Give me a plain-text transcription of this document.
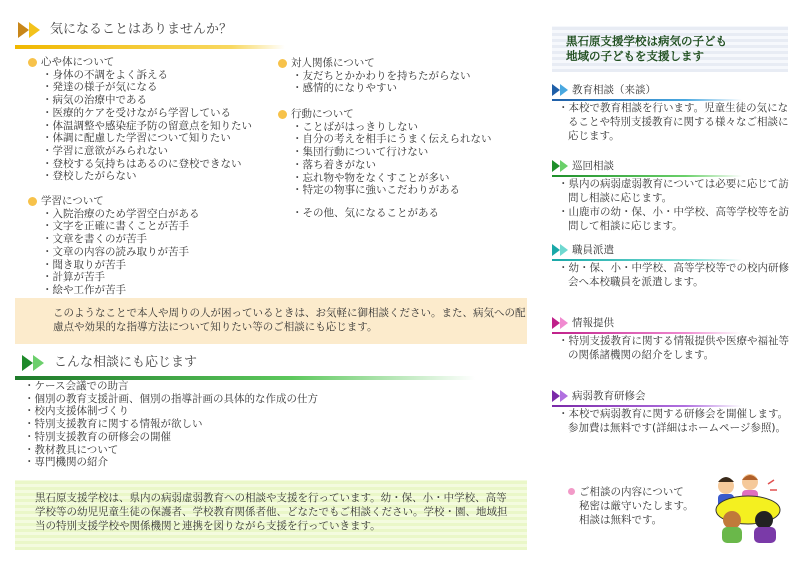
気になることはありませんか？
心や体について
・ 身体の不調をよく訴える
・ 発達の様子が気になる
・ 病気の治療中である
・ 医療的ケアを受けながら学習している
・ 体温調整や感染症予防の留意点を知りたい
・ 体調に配慮した学習について知りたい
・ 学習に意欲がみられない
・ 登校する気持ちはあるのに登校できない
・ 登校したがらない
学習について
・ 入院治療のため学習空白がある
・ 文字を正確に書くことが苦手
・ 文章を書くのが苦手
・ 文章の内容の読み取りが苦手
・ 聞き取りが苦手
・ 計算が苦手
・ 絵や工作が苦手
対人関係について
・ 友だちとかかわりを持ちたがらない
・ 感情的になりやすい
行動について
・ ことばがはっきりしない
・ 自分の考えを相手にうまく伝えられない
・ 集団行動について行けない
・ 落ち着きがない
・ 忘れ物や物をなくすことが多い
・ 特定の物事に強いこだわりがある
・その他、気になることがある
このようなことで本人や周りの人が困っているときは、お気軽に御相談ください。また、病気への配慮点や効果的な指導方法について知りたい等のご相談にも応じます。
こんな相談にも応じます
・ ケース会議での助言
・ 個別の教育支援計画、個別の指導計画の具体的な作成の仕方
・ 校内支援体制づくり
・ 特別支援教育に関する情報が欲しい
・ 特別支援教育の研修会の開催
・ 教材教具について
・ 専門機関の紹介
黒石原支援学校は、県内の病弱虚弱教育への相談や支援を行っています。幼・保、小・中学校、高等学校等の幼児児童生徒の保護者、学校教育関係者他、どなたでもご相談ください。学校・園、地域担当の特別支援学校や関係機関と連携を図りながら支援を行っていきます。
黒石原支援学校は病気の子ども
地域の子どもを支援します
教育相談（来談）
・本校で教育相談を行います。児童生徒の気になることや特別支援教育に関する様々なご相談に応じます。
巡回相談
・県内の病弱虚弱教育については必要に応じて訪問し相談に応じます。
・山鹿市の幼・保、小・中学校、高等学校等を訪問して相談に応じます。
職員派遣
・幼・保、小・中学校、高等学校等での校内研修会へ本校職員を派遣します。
情報提供
・特別支援教育に関する情報提供や医療や福祉等の関係諸機関の紹介をします。
病弱教育研修会
・本校で病弱教育に関する研修会を開催します。参加費は無料です(詳細はホームページ参照)。
ご相談の内容について
秘密は厳守いたします。
相談は無料です。
